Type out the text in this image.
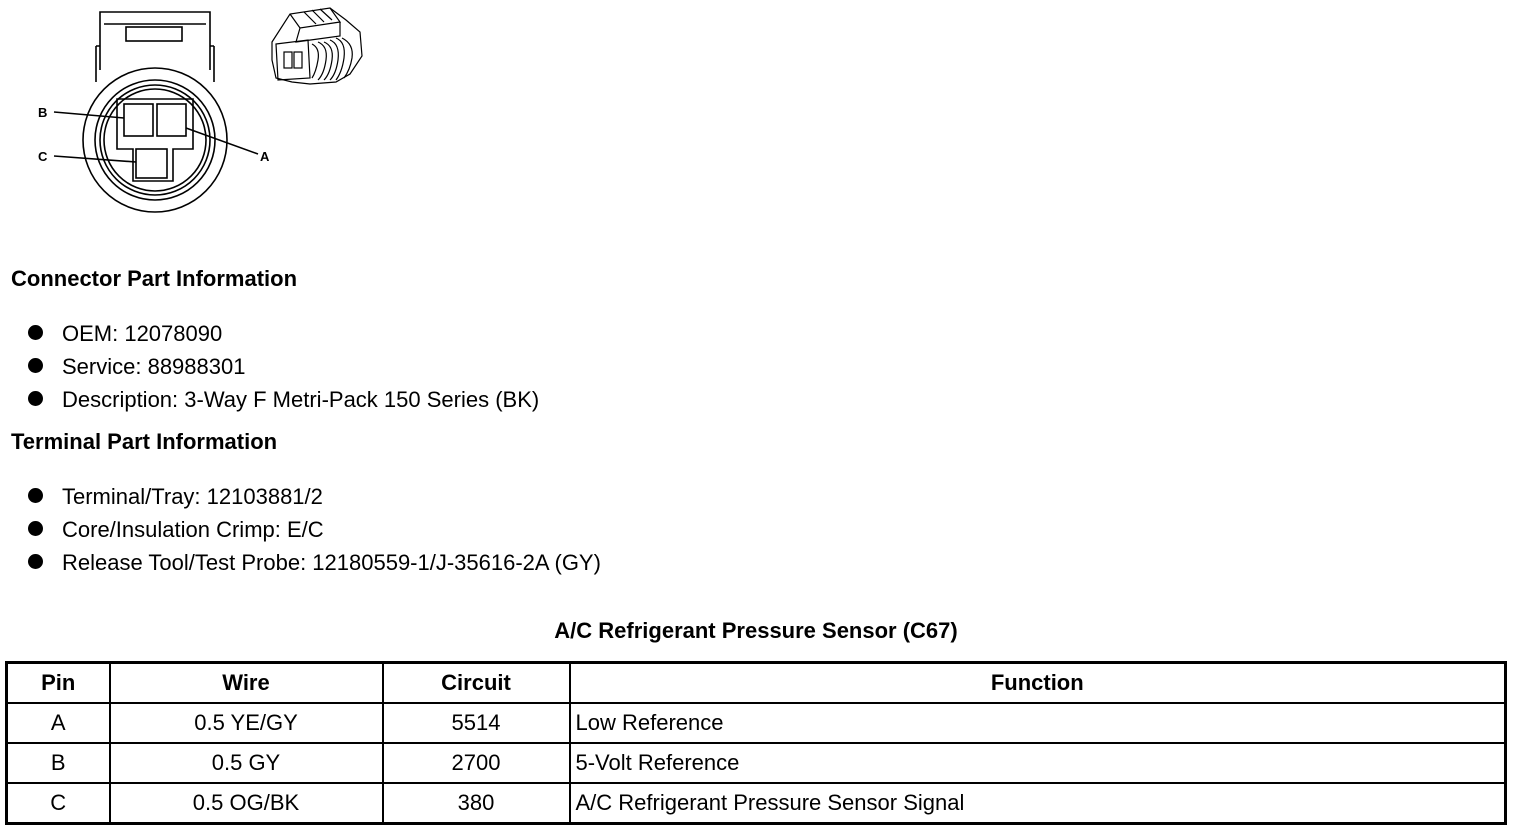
B
C	A
Connector Part Information
OEM: 12078090
Service: 88988301
Description: 3-Way F Metri-Pack 150 Series (BK)
Terminal Part Information
Terminal/Tray: 12103881/2
Core/Insulation Crimp: E/C
Release Tool/Test Probe: 12180559-1/J-35616-2A (GY)
A/C Refrigerant Pressure Sensor (C67)
Pin	Wire	Circuit	Function
A	0.5 YE/GY	5514	Low Reference
B	0.5 GY	2700	5-Volt Reference
C	0.5 OG/BK	380	A/C Refrigerant Pressure Sensor Signal
